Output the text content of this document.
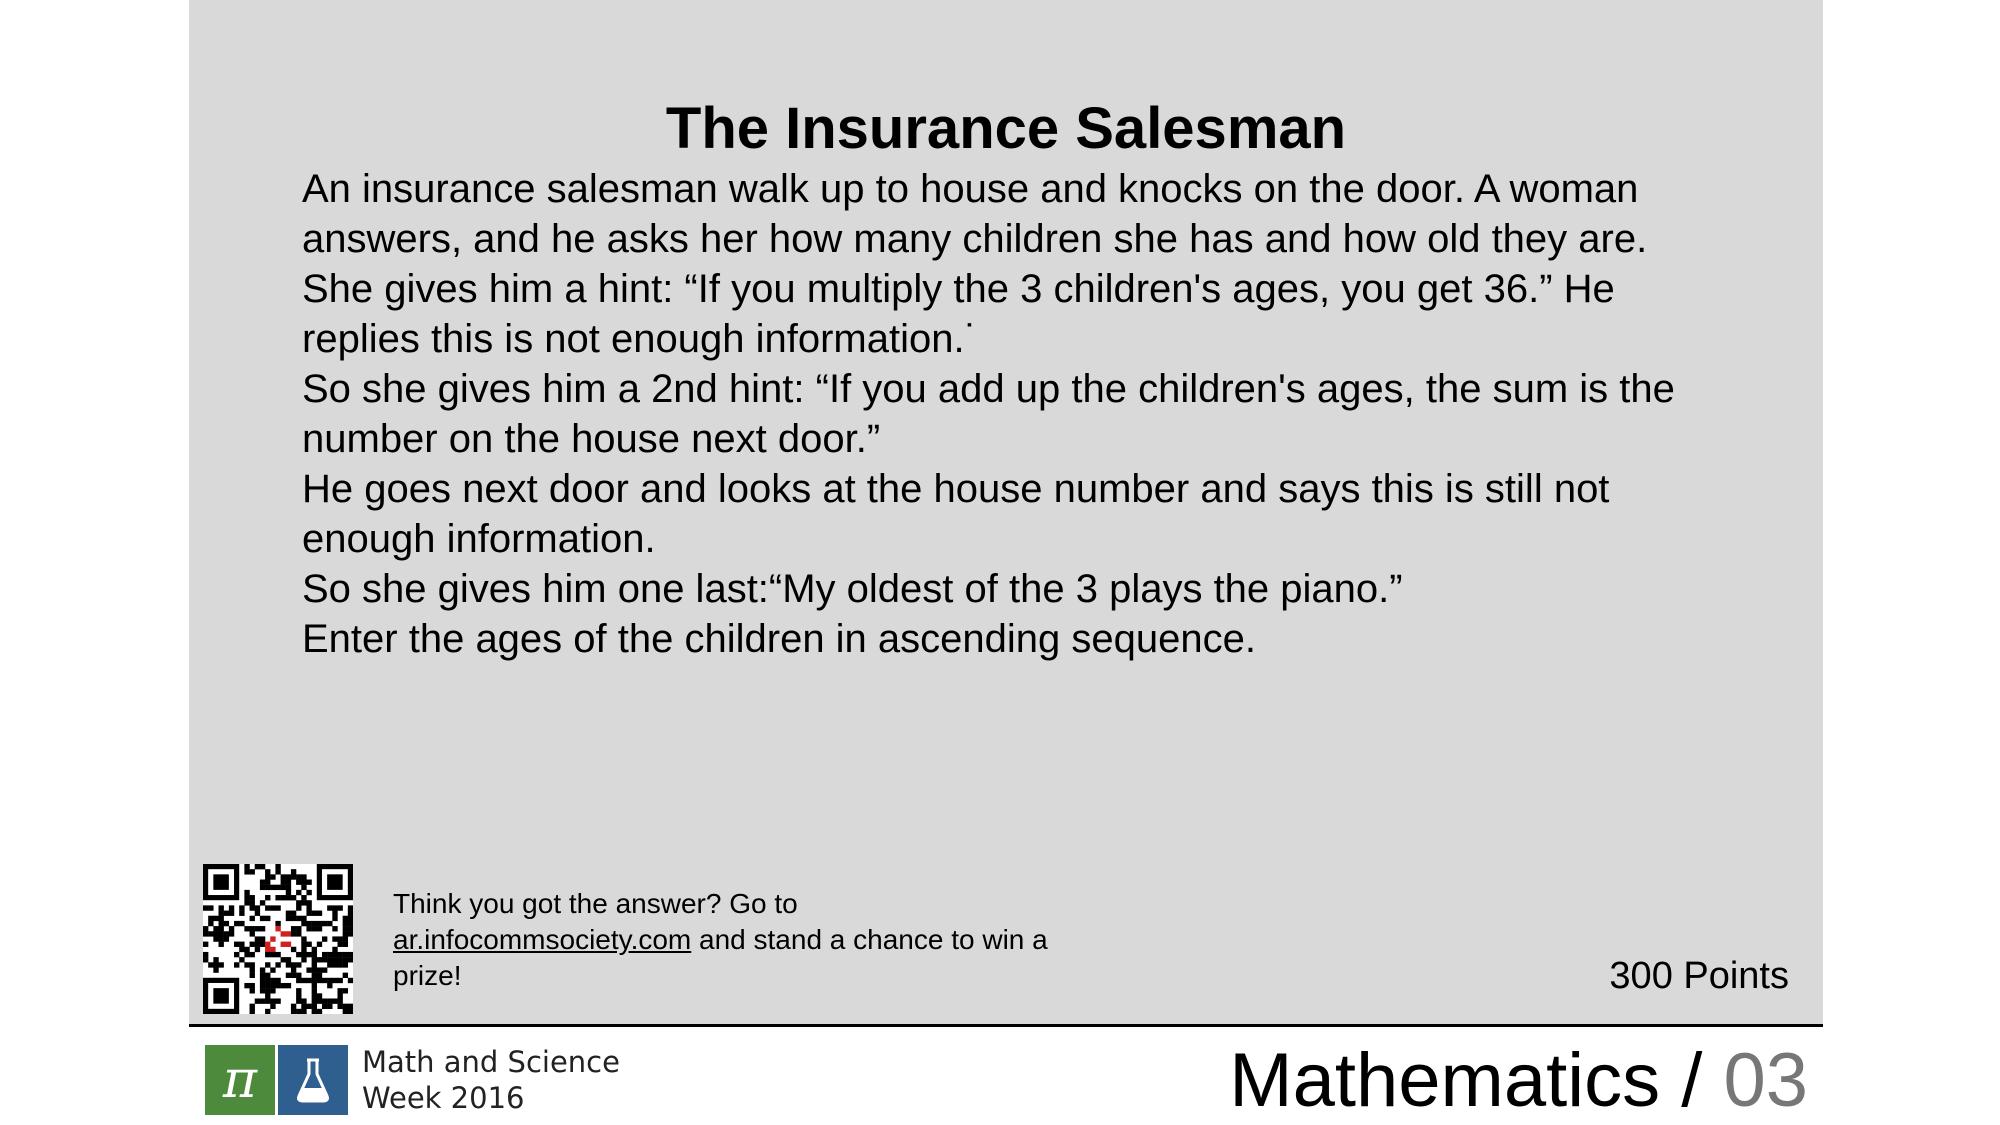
The Insurance Salesman

An insurance salesman walk up to house and knocks on the door. A woman answers, and he asks her how many children she has and how old they are.

She gives him a hint: “If you multiply the 3 children's ages, you get 36.” He replies this is not enough information.˙

So she gives him a 2nd hint: “If you add up the children's ages, the sum is the number on the house next door.”

He goes next door and looks at the house number and says this is still not enough information.

So she gives him one last:“My oldest of the 3 plays the piano.”

Enter the ages of the children in ascending sequence.

Think you got the answer? Go to
ar.infocommsociety.com and stand a chance to win a prize!	300 Points
π	Math and Science
Week 2016	Mathematics / 03
